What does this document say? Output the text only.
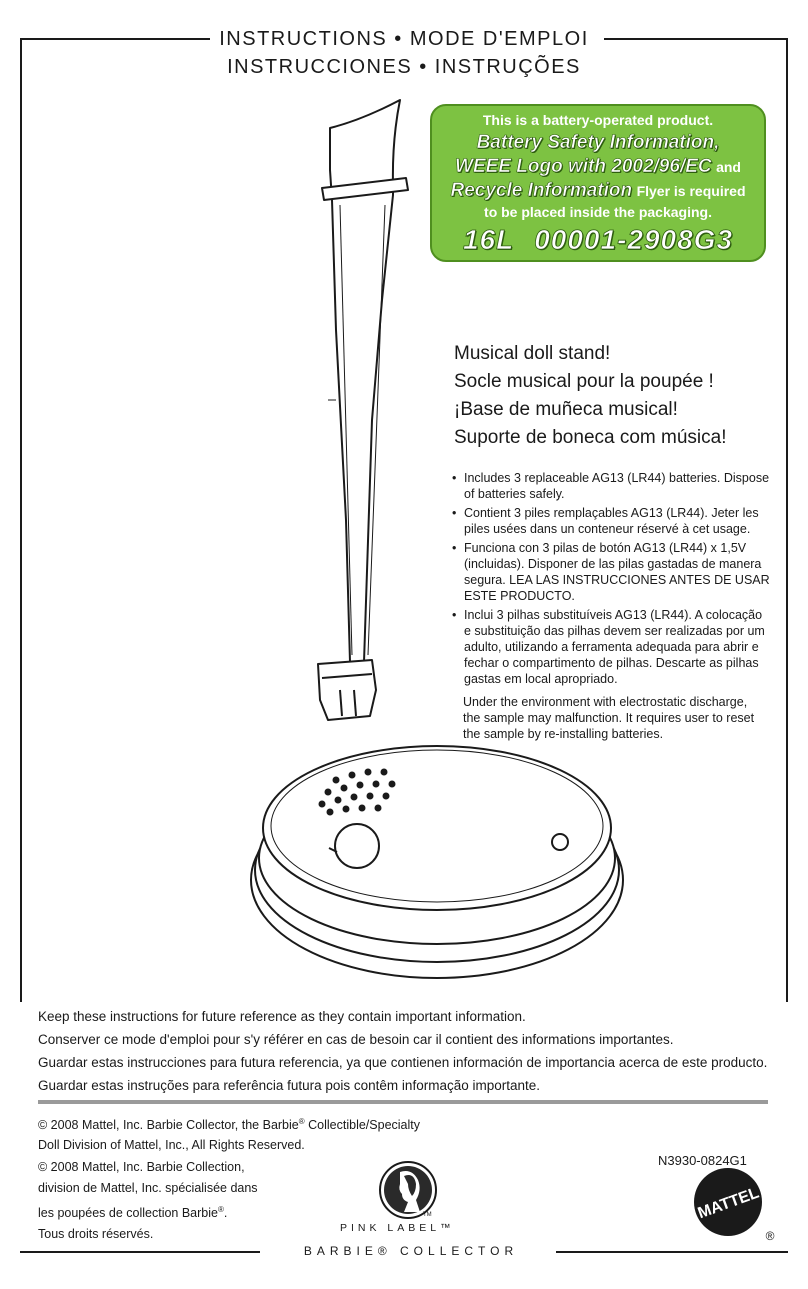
INSTRUCTIONS • MODE D'EMPLOI
INSTRUCCIONES • INSTRUÇÕES
This is a battery-operated product.
Battery Safety Information,
WEEE Logo with 2002/96/EC and
Recycle Information Flyer is required
to be placed inside the packaging.
16L 00001-2908G3
Musical doll stand!
Socle musical pour la poupée !
¡Base de muñeca musical!
Suporte de boneca com música!
• Includes 3 replaceable AG13 (LR44) batteries. Dispose of batteries safely.
• Contient 3 piles remplaçables AG13 (LR44). Jeter les piles usées dans un conteneur réservé à cet usage.
• Funciona con 3 pilas de botón AG13 (LR44) x 1,5V (incluidas). Disponer de las pilas gastadas de manera segura. LEA LAS INSTRUCCIONES ANTES DE USAR ESTE PRODUCTO.
• Inclui 3 pilhas substituíveis AG13 (LR44). A colocação e substituição das pilhas devem ser realizadas por um adulto, utilizando a ferramenta adequada para abrir e fechar o compartimento de pilhas. Descarte as pilhas gastas em local apropriado.
Under the environment with electrostatic discharge, the sample may malfunction. It requires user to reset the sample by re-installing batteries.
Keep these instructions for future reference as they contain important information.
Conserver ce mode d'emploi pour s'y référer en cas de besoin car il contient des informations importantes.
Guardar estas instrucciones para futura referencia, ya que contienen información de importancia acerca de este producto.
Guardar estas instruções para referência futura pois contêm informação importante.
© 2008 Mattel, Inc. Barbie Collector, the Barbie® Collectible/Specialty
Doll Division of Mattel, Inc., All Rights Reserved.
© 2008 Mattel, Inc. Barbie Collection,
division de Mattel, Inc. spécialisée dans
les poupées de collection Barbie®.
Tous droits réservés.
N3930-0824G1
TM
PINK LABEL™
BARBIE® COLLECTOR
MATTEL
®
